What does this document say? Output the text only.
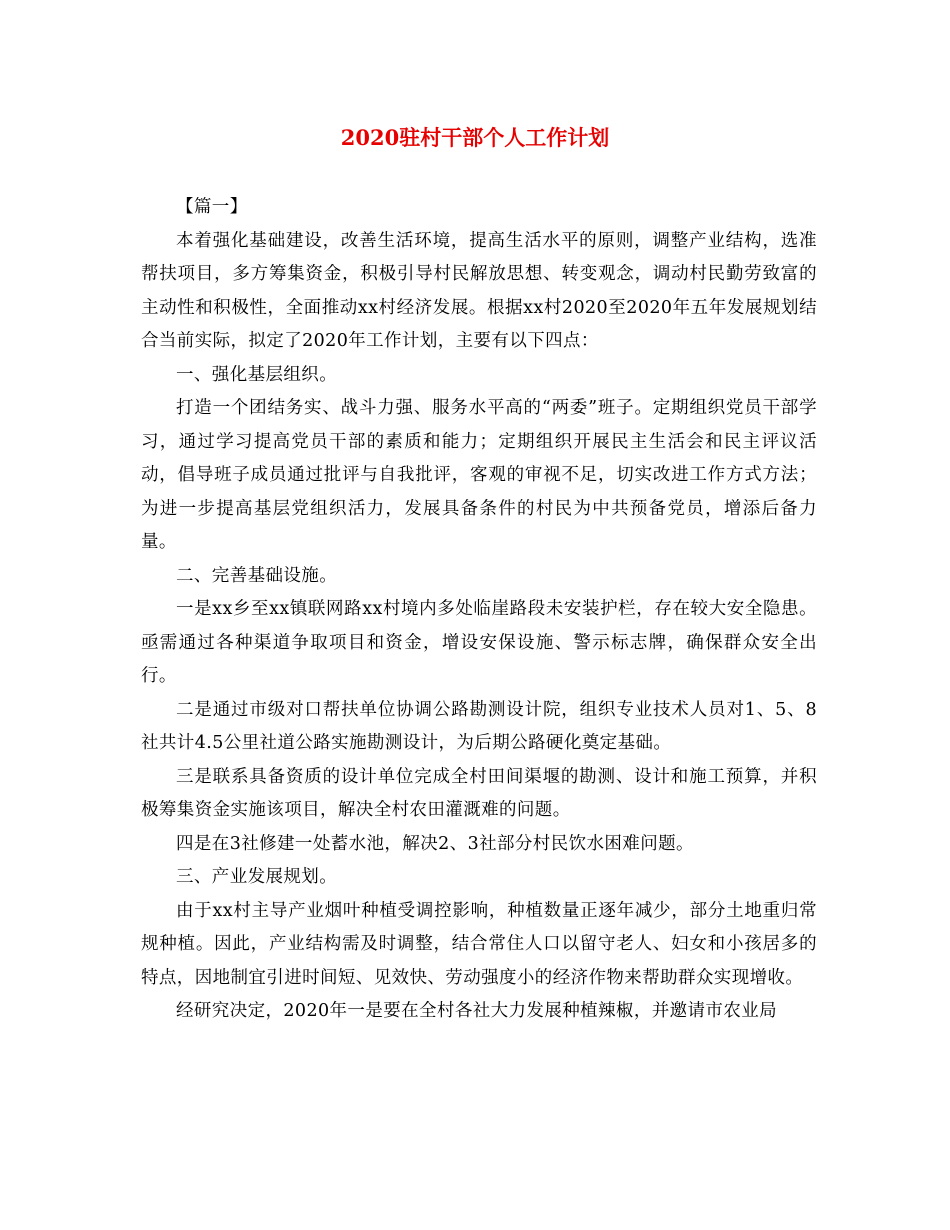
2020驻村干部个人工作计划

【篇一】

本着强化基础建设，改善生活环境，提高生活水平的原则，调整产业结构，选准帮扶项目，多方筹集资金，积极引导村民解放思想、转变观念，调动村民勤劳致富的主动性和积极性，全面推动xx村经济发展。根据xx村2020至2020年五年发展规划结合当前实际，拟定了2020年工作计划，主要有以下四点：

一、强化基层组织。

打造一个团结务实、战斗力强、服务水平高的“两委”班子。定期组织党员干部学习，通过学习提高党员干部的素质和能力；定期组织开展民主生活会和民主评议活动，倡导班子成员通过批评与自我批评，客观的审视不足，切实改进工作方式方法；为进一步提高基层党组织活力，发展具备条件的村民为中共预备党员，增添后备力量。

二、完善基础设施。

一是xx乡至xx镇联网路xx村境内多处临崖路段未安装护栏，存在较大安全隐患。亟需通过各种渠道争取项目和资金，增设安保设施、警示标志牌，确保群众安全出行。

二是通过市级对口帮扶单位协调公路勘测设计院，组织专业技术人员对1、5、8社共计4.5公里社道公路实施勘测设计，为后期公路硬化奠定基础。

三是联系具备资质的设计单位完成全村田间渠堰的勘测、设计和施工预算，并积极筹集资金实施该项目，解决全村农田灌溉难的问题。

四是在3社修建一处蓄水池，解决2、3社部分村民饮水困难问题。

三、产业发展规划。

由于xx村主导产业烟叶种植受调控影响，种植数量正逐年减少，部分土地重归常规种植。因此，产业结构需及时调整，结合常住人口以留守老人、妇女和小孩居多的特点，因地制宜引进时间短、见效快、劳动强度小的经济作物来帮助群众实现增收。

经研究决定，2020年一是要在全村各社大力发展种植辣椒，并邀请市农业局
